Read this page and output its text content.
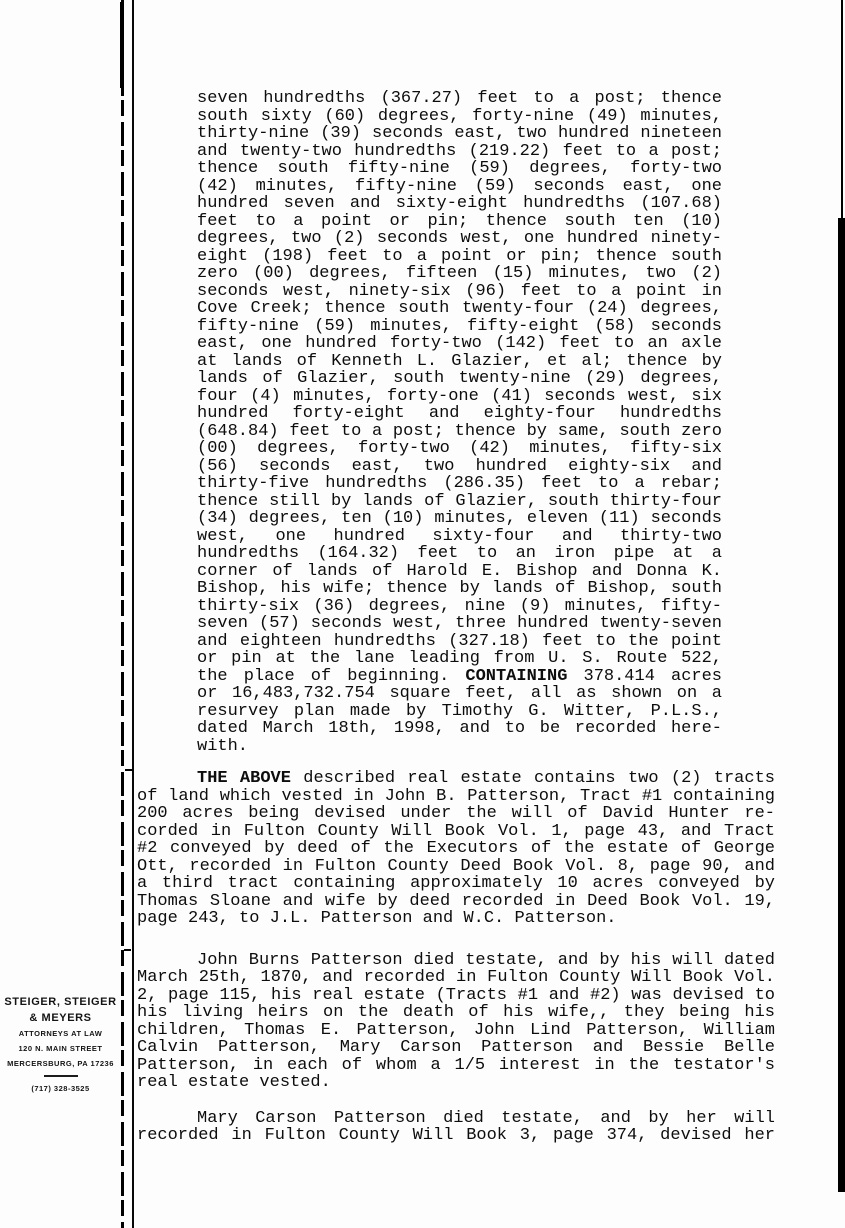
STEIGER, STEIGER
& MEYERS
ATTORNEYS AT LAW
120 N. MAIN STREET
MERCERSBURG, PA 17236
(717) 328-3525
seven hundredths (367.27) feet to a post; thence
south sixty (60) degrees, forty-nine (49) minutes,
thirty-nine (39) seconds east, two hundred nineteen
and twenty-two hundredths (219.22) feet to a post;
thence south fifty-nine (59) degrees, forty-two
(42) minutes, fifty-nine (59) seconds east, one
hundred seven and sixty-eight hundredths (107.68)
feet to a point or pin; thence south ten (10)
degrees, two (2) seconds west, one hundred ninety-
eight (198) feet to a point or pin; thence south
zero (00) degrees, fifteen (15) minutes, two (2)
seconds west, ninety-six (96) feet to a point in
Cove Creek; thence south twenty-four (24) degrees,
fifty-nine (59) minutes, fifty-eight (58) seconds
east, one hundred forty-two (142) feet to an axle
at lands of Kenneth L. Glazier, et al; thence by
lands of Glazier, south twenty-nine (29) degrees,
four (4) minutes, forty-one (41) seconds west, six
hundred forty-eight and eighty-four hundredths
(648.84) feet to a post; thence by same, south zero
(00) degrees, forty-two (42) minutes, fifty-six
(56) seconds east, two hundred eighty-six and
thirty-five hundredths (286.35) feet to a rebar;
thence still by lands of Glazier, south thirty-four
(34) degrees, ten (10) minutes, eleven (11) seconds
west, one hundred sixty-four and thirty-two
hundredths (164.32) feet to an iron pipe at a
corner of lands of Harold E. Bishop and Donna K.
Bishop, his wife; thence by lands of Bishop, south
thirty-six (36) degrees, nine (9) minutes, fifty-
seven (57) seconds west, three hundred twenty-seven
and eighteen hundredths (327.18) feet to the point
or pin at the lane leading from U. S. Route 522,
the place of beginning. CONTAINING 378.414 acres
or 16,483,732.754 square feet, all as shown on a
resurvey plan made by Timothy G. Witter, P.L.S.,
dated March 18th, 1998, and to be recorded here-
with.
THE ABOVE described real estate contains two (2) tracts
of land which vested in John B. Patterson, Tract #1 containing
200 acres being devised under the will of David Hunter re-
corded in Fulton County Will Book Vol. 1, page 43, and Tract
#2 conveyed by deed of the Executors of the estate of George
Ott, recorded in Fulton County Deed Book Vol. 8, page 90, and
a third tract containing approximately 10 acres conveyed by
Thomas Sloane and wife by deed recorded in Deed Book Vol. 19,
page 243, to J.L. Patterson and W.C. Patterson.
John Burns Patterson died testate, and by his will dated
March 25th, 1870, and recorded in Fulton County Will Book Vol.
2, page 115, his real estate (Tracts #1 and #2) was devised to
his living heirs on the death of his wife,, they being his
children, Thomas E. Patterson, John Lind Patterson, William
Calvin Patterson, Mary Carson Patterson and Bessie Belle
Patterson, in each of whom a 1/5 interest in the testator's
real estate vested.
Mary Carson Patterson died testate, and by her will
recorded in Fulton County Will Book 3, page 374, devised her
